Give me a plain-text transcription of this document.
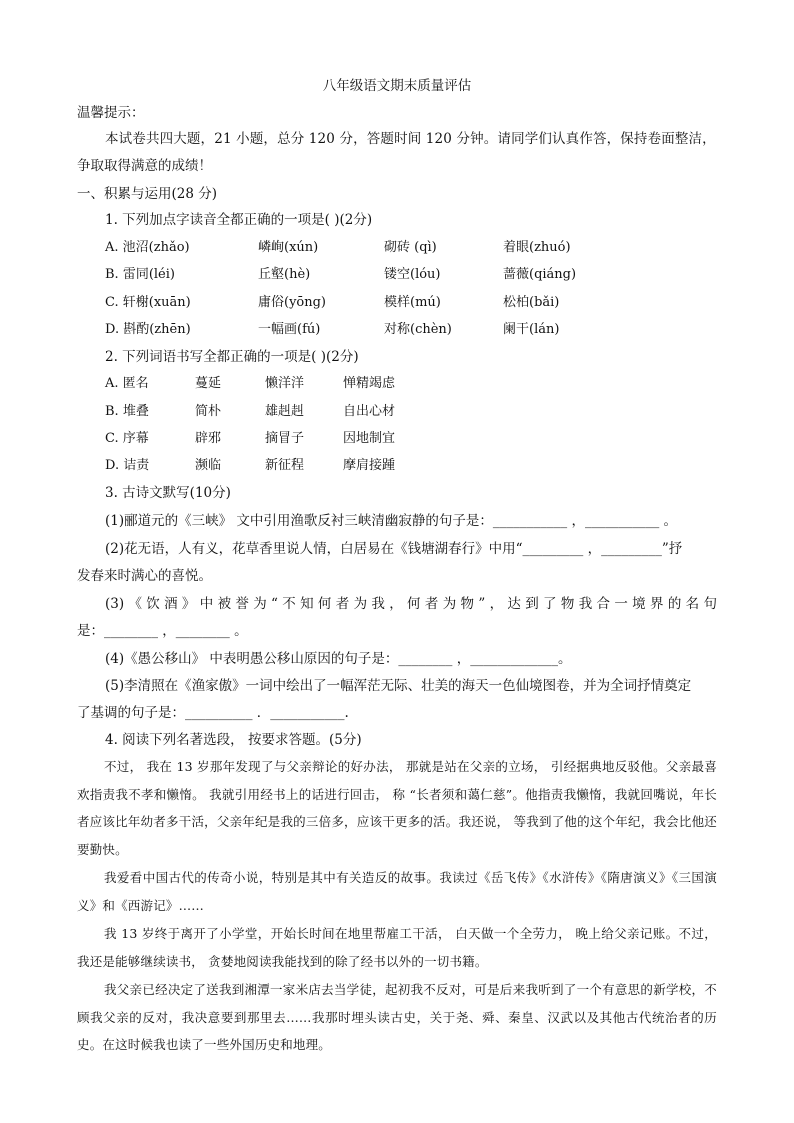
八年级语文期末质量评估
温馨提示：
本试卷共四大题，21 小题，总分 120 分，答题时间 120 分钟。请同学们认真作答，保持卷面整洁，
争取取得满意的成绩！
一、积累与运用(28 分)
1. 下列加点字读音全都正确的一项是( )(2分)
A. 池沼(zhǎo)	嶙峋(xún)	砌砖 (qì)	着眼(zhuó)
B. 雷同(léi)	丘壑(hè)	镂空(lóu)	蔷薇(qiáng)
C. 轩榭(xuān)	庸俗(yōng)	模样(mú)	松柏(bǎi)
D. 斟酌(zhēn)	一幅画(fú)	对称(chèn)	阑干(lán)
2. 下列词语书写全都正确的一项是( )(2分)
A. 匿名	蔓延	懒洋洋	惮精竭虑
B. 堆叠	简朴	雄赳赳	自出心材
C. 序幕	辟邪	摘冒子	因地制宜
D. 诘责	濒临	新征程	摩肩接踵
3. 古诗文默写(10分)
(1)郦道元的《三峡》 文中引用渔歌反衬三峡清幽寂静的句子是：___________ ，___________ 。
(2)花无语，人有义，花草香里说人情，白居易在《钱塘湖春行》中用“_________ ，_________”抒
发春来时满心的喜悦。
(3)《饮酒》中被誉为“不知何者为我，何者为物”，达到了物我合一境界的名句
是：________ ，________ 。
(4)《愚公移山》 中表明愚公移山原因的句子是：________ ，_____________。
(5)李清照在《渔家傲》一词中绘出了一幅浑茫无际、壮美的海天一色仙境图卷，并为全词抒情奠定
了基调的句子是：__________ ．___________.
4. 阅读下列名著选段， 按要求答题。(5分)

不过， 我在 13 岁那年发现了与父亲辩论的好办法， 那就是站在父亲的立场， 引经据典地反驳他。父亲最喜欢指责我不孝和懒惰。 我就引用经书上的话进行回击， 称 “长者须和蔼仁慈”。他指责我懒惰，我就回嘴说，年长者应该比年幼者多干活，父亲年纪是我的三倍多，应该干更多的活。我还说， 等我到了他的这个年纪，我会比他还要勤快。

我爱看中国古代的传奇小说，特别是其中有关造反的故事。我读过《岳飞传》《水浒传》《隋唐演义》《三国演义》和《西游记》……

我 13 岁终于离开了小学堂，开始长时间在地里帮雇工干活， 白天做一个全劳力， 晚上给父亲记账。不过，我还是能够继续读书， 贪婪地阅读我能找到的除了经书以外的一切书籍。

我父亲已经决定了送我到湘潭一家米店去当学徒，起初我不反对，可是后来我听到了一个有意思的新学校，不顾我父亲的反对，我决意要到那里去……我那时埋头读古史，关于尧、舜、秦皇、汉武以及其他古代统治者的历史。在这时候我也读了一些外国历史和地理。
